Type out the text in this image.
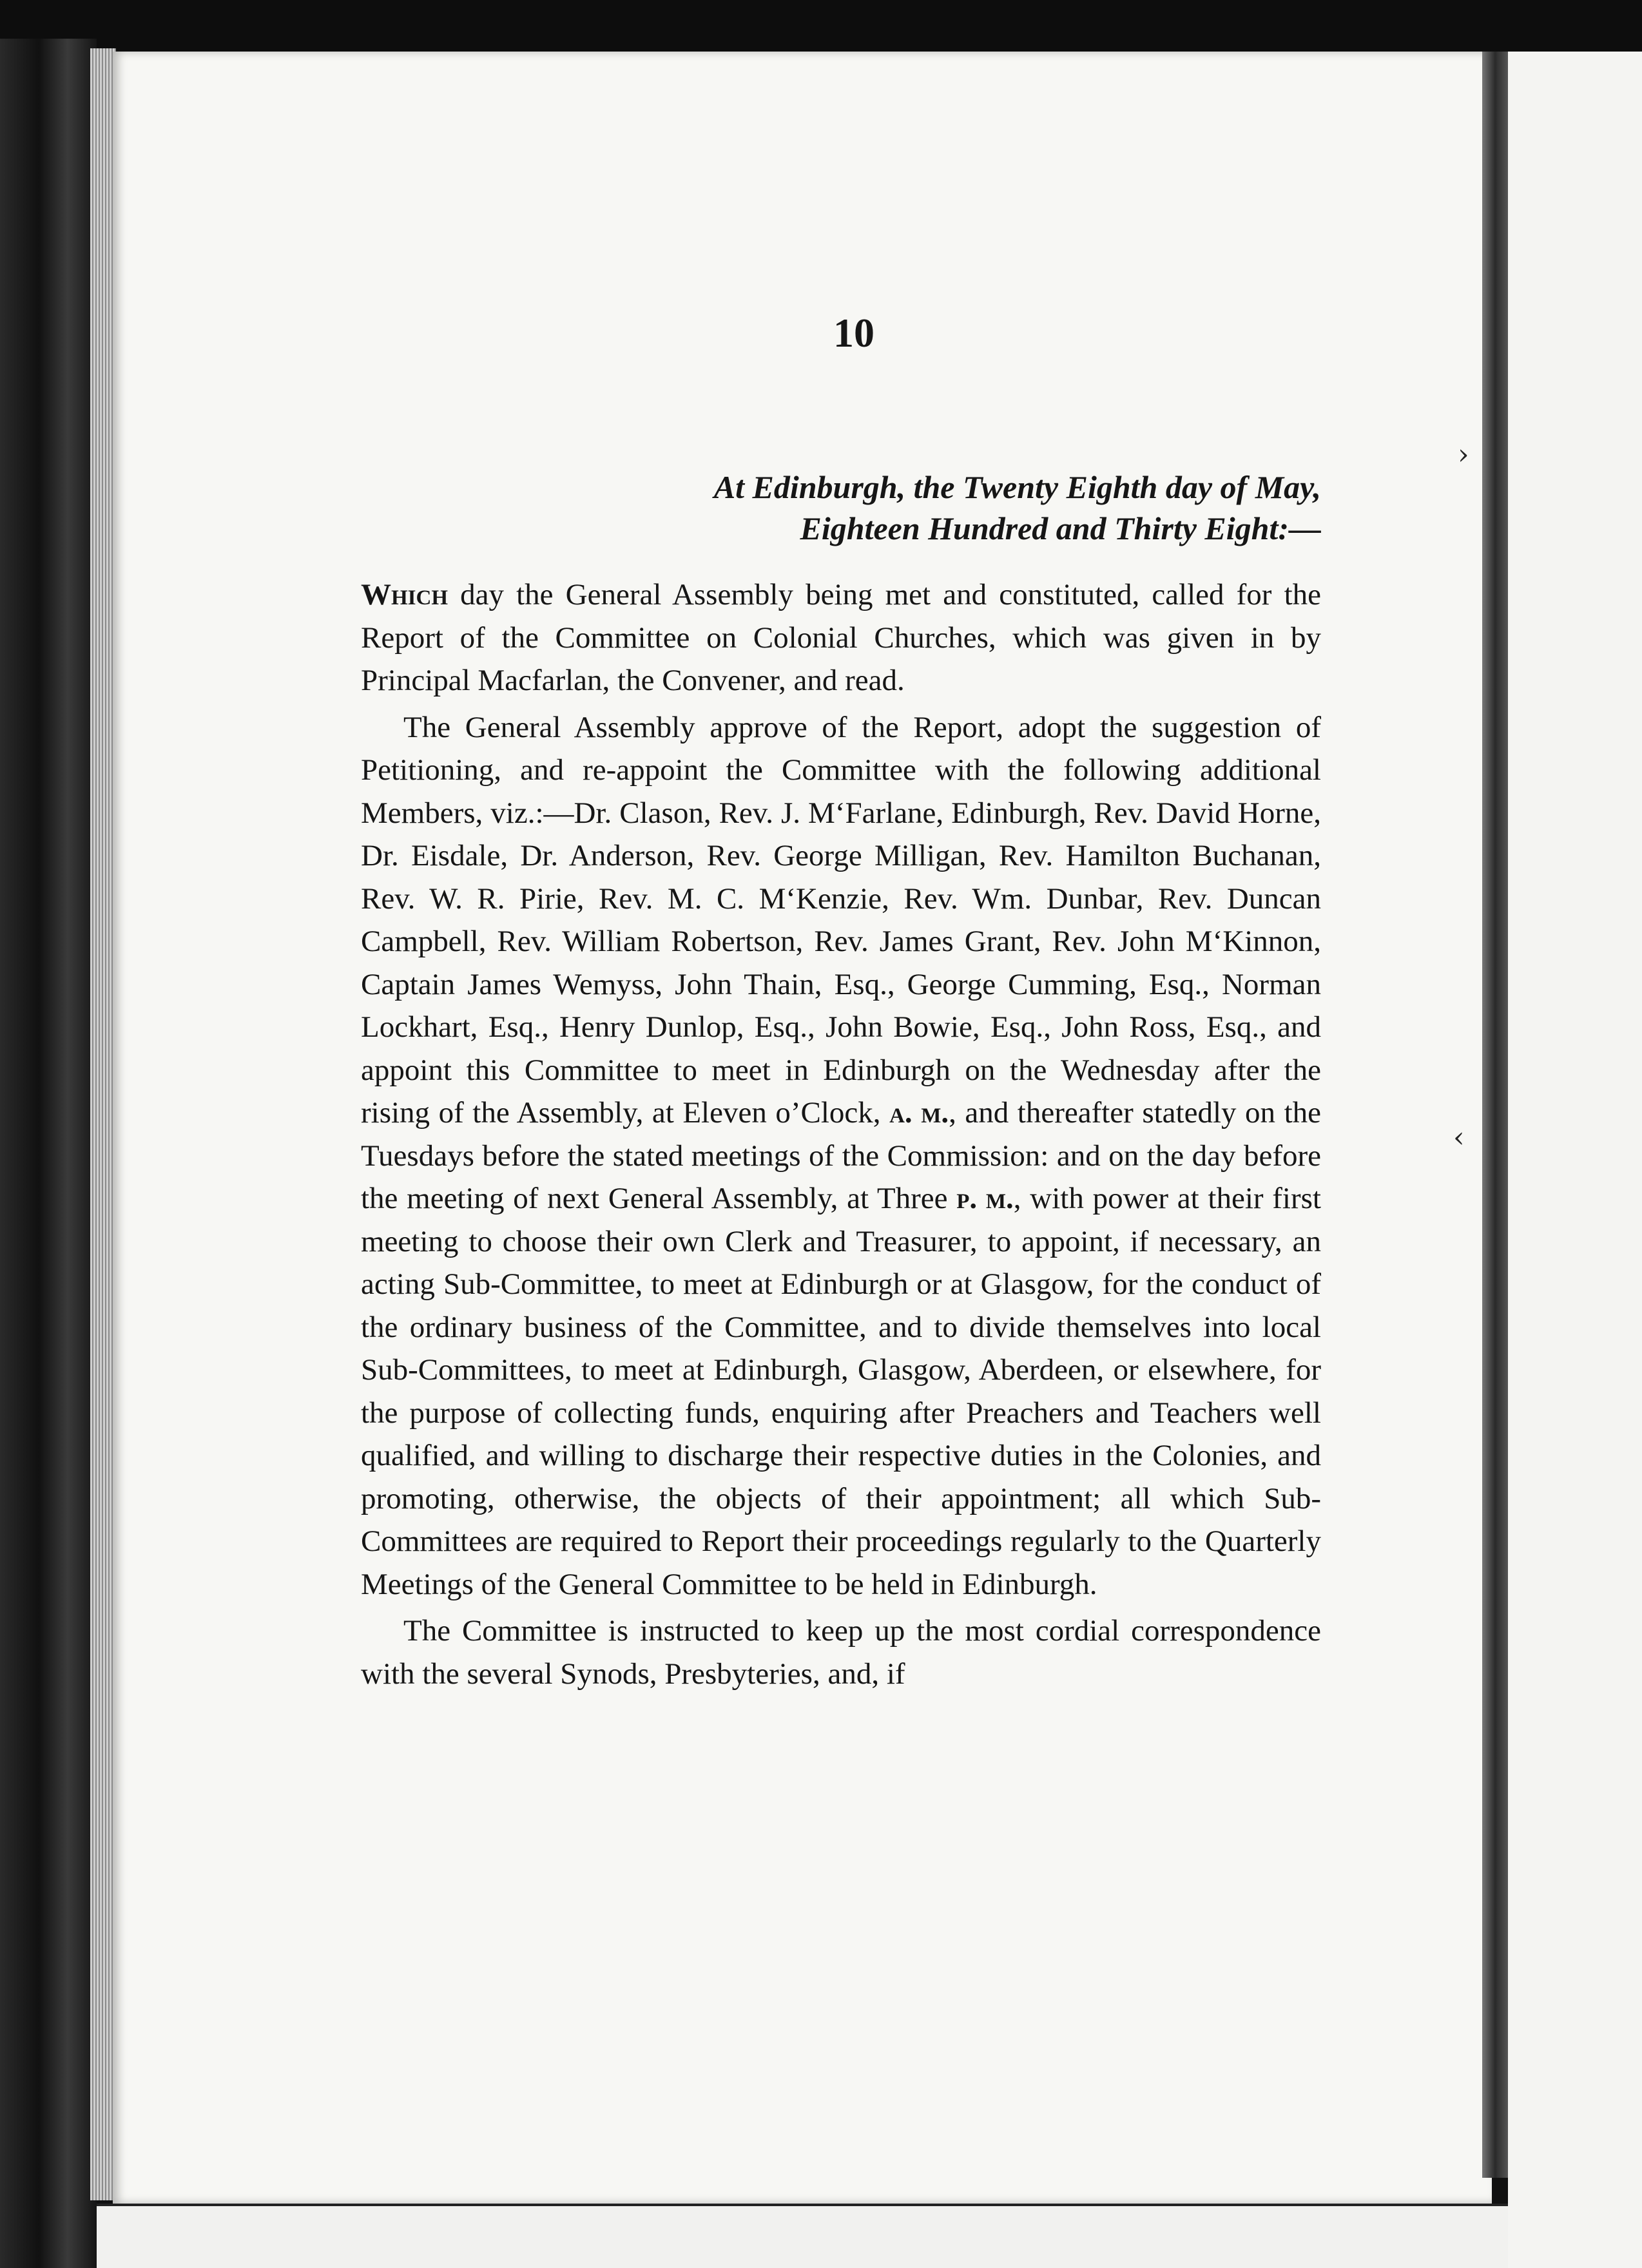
›
‹
10
At Edinburgh, the Twenty Eighth day of May,
Eighteen Hundred and Thirty Eight:—

Which day the General Assembly being met and constituted, called for the Report of the Committee on Colonial Churches, which was given in by Principal Macfarlan, the Convener, and read.

The General Assembly approve of the Report, adopt the suggestion of Petitioning, and re-appoint the Committee with the following additional Members, viz.:—Dr. Clason, Rev. J. M‘Farlane, Edinburgh, Rev. David Horne, Dr. Eisdale, Dr. Anderson, Rev. George Milligan, Rev. Hamilton Buchanan, Rev. W. R. Pirie, Rev. M. C. M‘Kenzie, Rev. Wm. Dunbar, Rev. Duncan Campbell, Rev. William Robertson, Rev. James Grant, Rev. John M‘Kinnon, Captain James Wemyss, John Thain, Esq., George Cumming, Esq., Norman Lockhart, Esq., Henry Dunlop, Esq., John Bowie, Esq., John Ross, Esq., and appoint this Committee to meet in Edinburgh on the Wednesday after the rising of the Assembly, at Eleven o’Clock, a. m., and thereafter statedly on the Tuesdays before the stated meetings of the Commission: and on the day before the meeting of next General Assembly, at Three p. m., with power at their first meeting to choose their own Clerk and Treasurer, to appoint, if necessary, an acting Sub-Committee, to meet at Edinburgh or at Glasgow, for the conduct of the ordinary business of the Committee, and to divide themselves into local Sub-Committees, to meet at Edinburgh, Glasgow, Aberdeen, or elsewhere, for the purpose of collecting funds, enquiring after Preachers and Teachers well qualified, and willing to discharge their respective duties in the Colonies, and promoting, otherwise, the objects of their appointment; all which Sub-Committees are required to Report their proceedings regularly to the Quarterly Meetings of the General Committee to be held in Edinburgh.

The Committee is instructed to keep up the most cordial correspondence with the several Synods, Presbyteries, and, if
